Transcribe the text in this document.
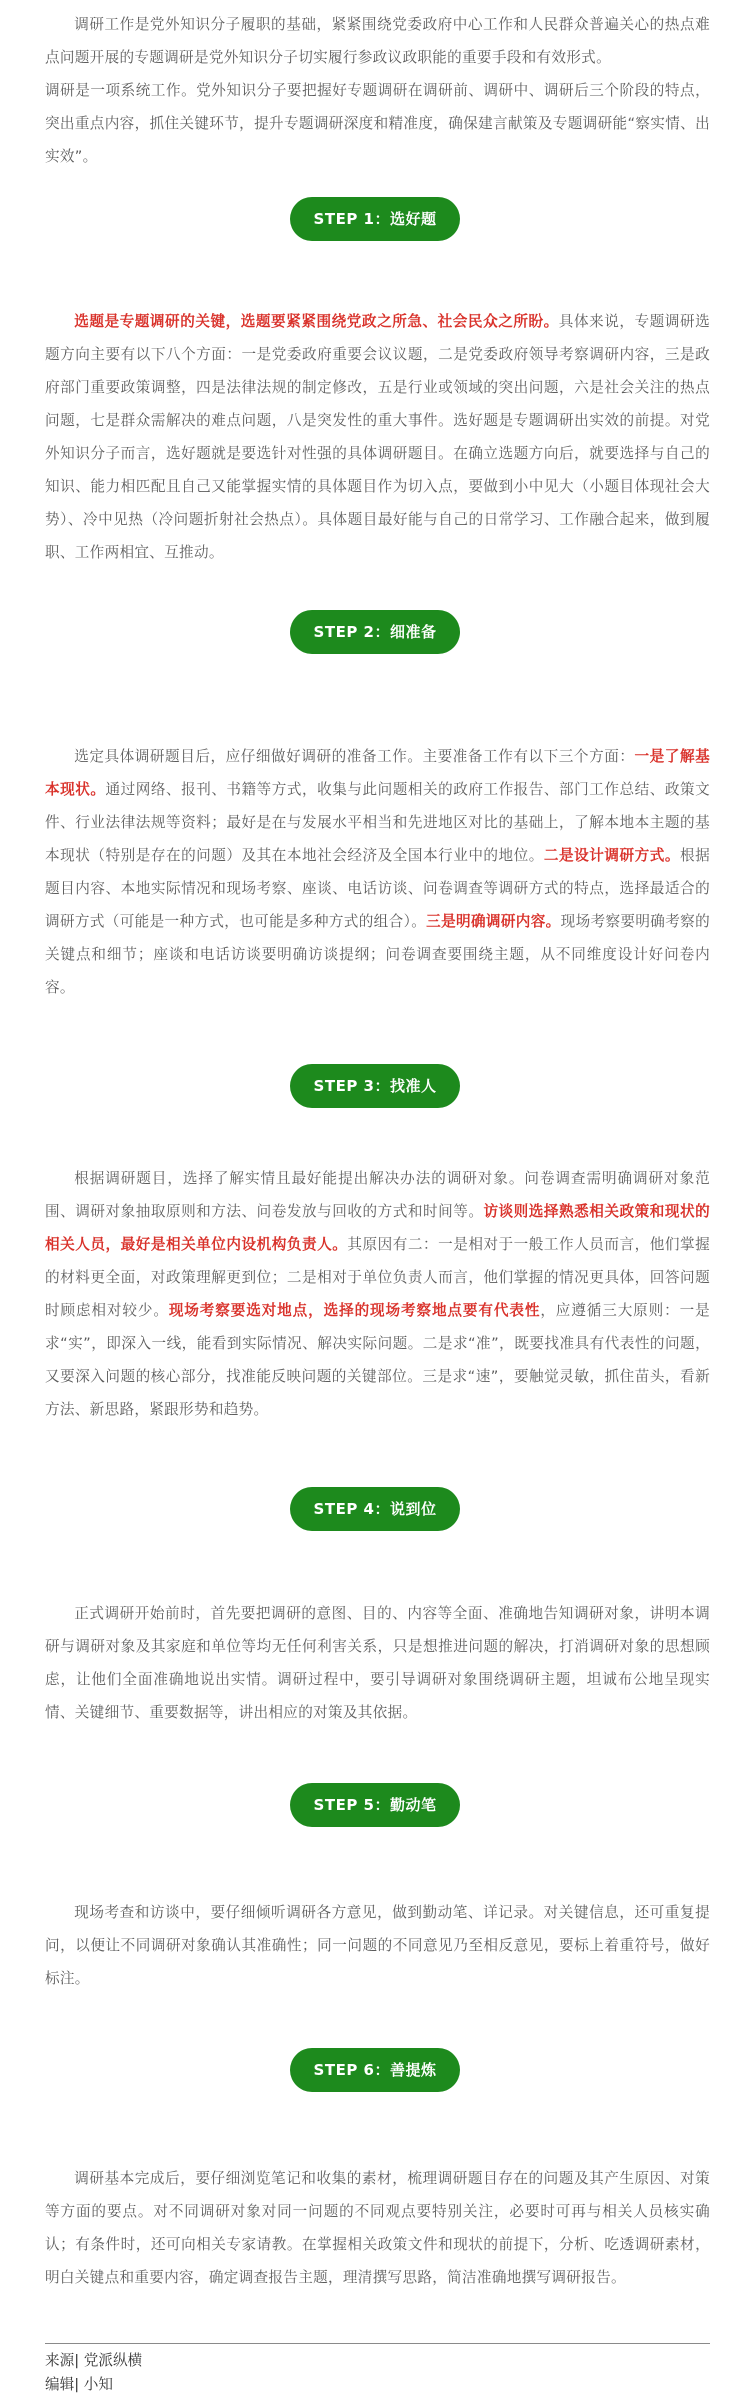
调研工作是党外知识分子履职的基础，紧紧围绕党委政府中心工作和人民群众普遍关心的热点难点问题开展的专题调研是党外知识分子切实履行参政议政职能的重要手段和有效形式。

调研是一项系统工作。党外知识分子要把握好专题调研在调研前、调研中、调研后三个阶段的特点，突出重点内容，抓住关键环节，提升专题调研深度和精准度，确保建言献策及专题调研能“察实情、出实效”。

STEP 1：选好题

选题是专题调研的关键，选题要紧紧围绕党政之所急、社会民众之所盼。具体来说，专题调研选题方向主要有以下八个方面：一是党委政府重要会议议题，二是党委政府领导考察调研内容，三是政府部门重要政策调整，四是法律法规的制定修改，五是行业或领域的突出问题，六是社会关注的热点问题，七是群众需解决的难点问题，八是突发性的重大事件。选好题是专题调研出实效的前提。对党外知识分子而言，选好题就是要选针对性强的具体调研题目。在确立选题方向后，就要选择与自己的知识、能力相匹配且自己又能掌握实情的具体题目作为切入点，要做到小中见大（小题目体现社会大势）、冷中见热（冷问题折射社会热点）。具体题目最好能与自己的日常学习、工作融合起来，做到履职、工作两相宜、互推动。

STEP 2：细准备

选定具体调研题目后，应仔细做好调研的准备工作。主要准备工作有以下三个方面：一是了解基本现状。通过网络、报刊、书籍等方式，收集与此问题相关的政府工作报告、部门工作总结、政策文件、行业法律法规等资料；最好是在与发展水平相当和先进地区对比的基础上，了解本地本主题的基本现状（特别是存在的问题）及其在本地社会经济及全国本行业中的地位。二是设计调研方式。根据题目内容、本地实际情况和现场考察、座谈、电话访谈、问卷调查等调研方式的特点，选择最适合的调研方式（可能是一种方式，也可能是多种方式的组合）。三是明确调研内容。现场考察要明确考察的关键点和细节；座谈和电话访谈要明确访谈提纲；问卷调查要围绕主题，从不同维度设计好问卷内容。

STEP 3：找准人

根据调研题目，选择了解实情且最好能提出解决办法的调研对象。问卷调查需明确调研对象范围、调研对象抽取原则和方法、问卷发放与回收的方式和时间等。访谈则选择熟悉相关政策和现状的相关人员，最好是相关单位内设机构负责人。其原因有二：一是相对于一般工作人员而言，他们掌握的材料更全面，对政策理解更到位；二是相对于单位负责人而言，他们掌握的情况更具体，回答问题时顾虑相对较少。现场考察要选对地点，选择的现场考察地点要有代表性，应遵循三大原则：一是求“实”，即深入一线，能看到实际情况、解决实际问题。二是求“准”，既要找准具有代表性的问题，又要深入问题的核心部分，找准能反映问题的关键部位。三是求“速”，要触觉灵敏，抓住苗头，看新方法、新思路，紧跟形势和趋势。

STEP 4：说到位

正式调研开始前时，首先要把调研的意图、目的、内容等全面、准确地告知调研对象，讲明本调研与调研对象及其家庭和单位等均无任何利害关系，只是想推进问题的解决，打消调研对象的思想顾虑，让他们全面准确地说出实情。调研过程中，要引导调研对象围绕调研主题，坦诚布公地呈现实情、关键细节、重要数据等，讲出相应的对策及其依据。

STEP 5：勤动笔

现场考查和访谈中，要仔细倾听调研各方意见，做到勤动笔、详记录。对关键信息，还可重复提问，以便让不同调研对象确认其准确性；同一问题的不同意见乃至相反意见，要标上着重符号，做好标注。

STEP 6：善提炼

调研基本完成后，要仔细浏览笔记和收集的素材，梳理调研题目存在的问题及其产生原因、对策等方面的要点。对不同调研对象对同一问题的不同观点要特别关注，必要时可再与相关人员核实确认；有条件时，还可向相关专家请教。在掌握相关政策文件和现状的前提下，分析、吃透调研素材，明白关键点和重要内容，确定调查报告主题，理清撰写思路，简洁准确地撰写调研报告。

来源| 党派纵横
编辑| 小知
